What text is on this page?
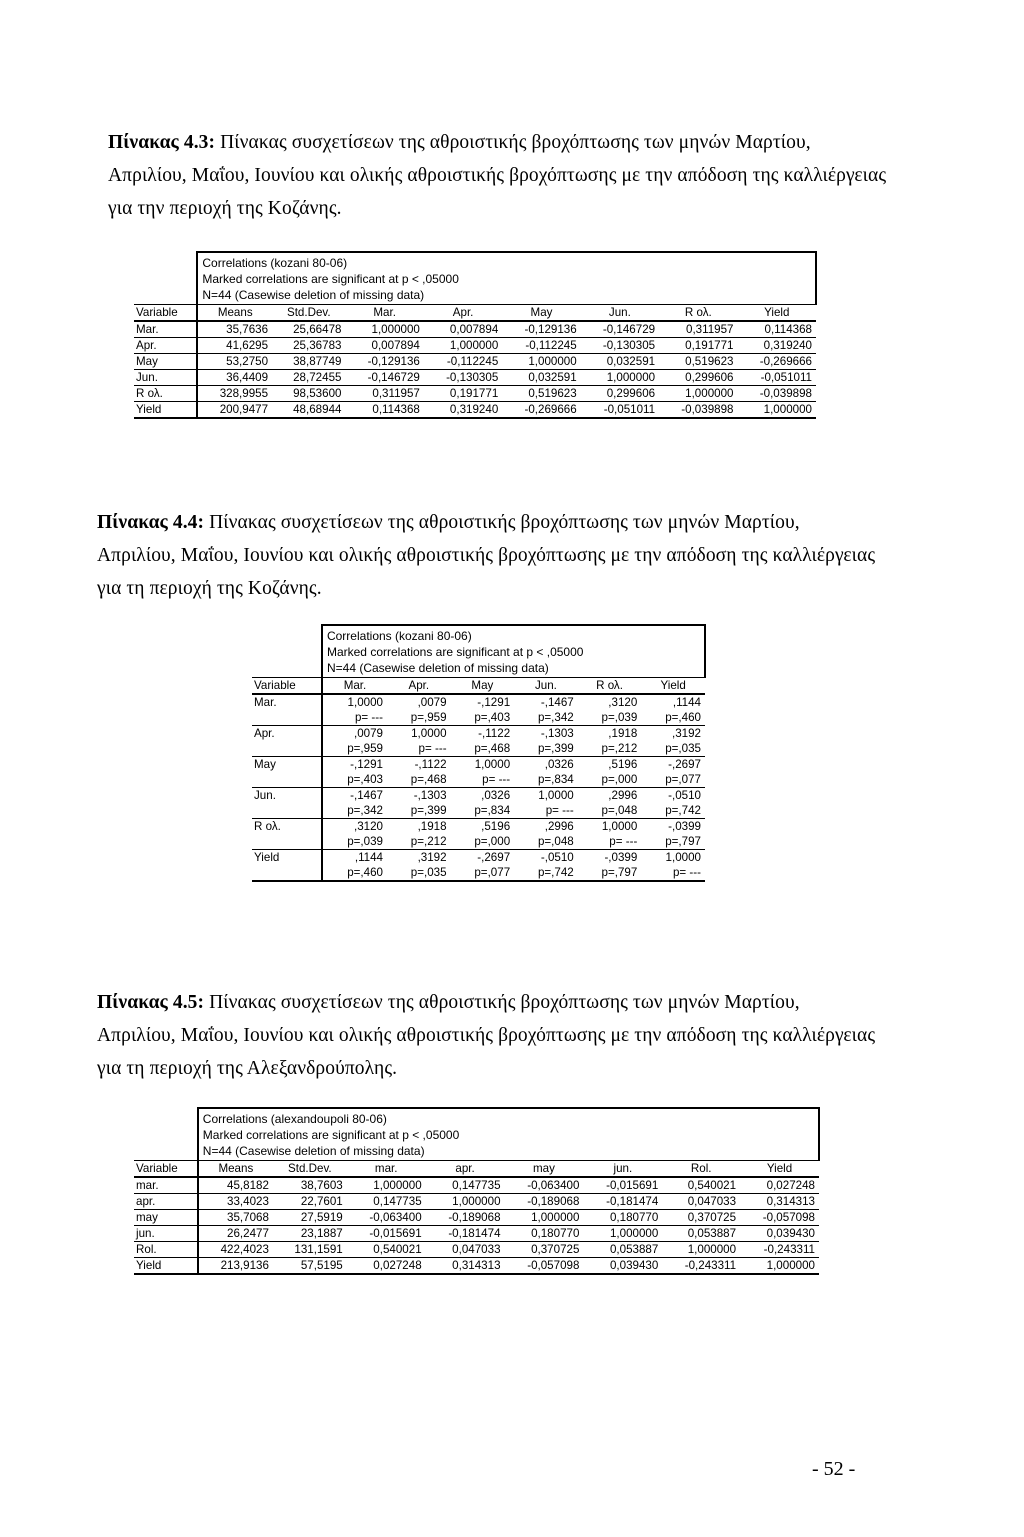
Πίνακας 4.3: Πίνακας συσχετίσεων της αθροιστικής βροχόπτωσης των μηνών Μαρτίου, Απριλίου, Μαΐου, Ιουνίου και ολικής αθροιστικής βροχόπτωσης με την απόδοση της καλλιέργειας για την περιοχή της Κοζάνης.

	Correlations (kozani 80-06)
Marked correlations are significant at p < ,05000
N=44 (Casewise deletion of missing data)							

Variable	Means	Std.Dev.	Mar.	Apr.	May	Jun.	R ολ.	Yield
Mar.	35,7636	25,66478	1,000000	0,007894	-0,129136	-0,146729	0,311957	0,114368
Apr.	41,6295	25,36783	0,007894	1,000000	-0,112245	-0,130305	0,191771	0,319240
May	53,2750	38,87749	-0,129136	-0,112245	1,000000	0,032591	0,519623	-0,269666
Jun.	36,4409	28,72455	-0,146729	-0,130305	0,032591	1,000000	0,299606	-0,051011
R ολ.	328,9955	98,53600	0,311957	0,191771	0,519623	0,299606	1,000000	-0,039898
Yield	200,9477	48,68944	0,114368	0,319240	-0,269666	-0,051011	-0,039898	1,000000
Πίνακας 4.4: Πίνακας συσχετίσεων της αθροιστικής βροχόπτωσης των μηνών Μαρτίου, Απριλίου, Μαΐου, Ιουνίου και ολικής αθροιστικής βροχόπτωσης με την απόδοση της καλλιέργειας για τη περιοχή της Κοζάνης.

	Correlations (kozani 80-06)
Marked correlations are significant at p < ,05000
N=44 (Casewise deletion of missing data)					

Variable	Mar.	Apr.	May	Jun.	R ολ.	Yield
Mar.	1,0000	,0079	-,1291	-,1467	,3120	,1144
	p= ---	p=,959	p=,403	p=,342	p=,039	p=,460
Apr.	,0079	1,0000	-,1122	-,1303	,1918	,3192
	p=,959	p= ---	p=,468	p=,399	p=,212	p=,035
May	-,1291	-,1122	1,0000	,0326	,5196	-,2697
	p=,403	p=,468	p= ---	p=,834	p=,000	p=,077
Jun.	-,1467	-,1303	,0326	1,0000	,2996	-,0510
	p=,342	p=,399	p=,834	p= ---	p=,048	p=,742
R ολ.	,3120	,1918	,5196	,2996	1,0000	-,0399
	p=,039	p=,212	p=,000	p=,048	p= ---	p=,797
Yield	,1144	,3192	-,2697	-,0510	-,0399	1,0000
	p=,460	p=,035	p=,077	p=,742	p=,797	p= ---
Πίνακας 4.5: Πίνακας συσχετίσεων της αθροιστικής βροχόπτωσης των μηνών Μαρτίου, Απριλίου, Μαΐου, Ιουνίου και ολικής αθροιστικής βροχόπτωσης με την απόδοση της καλλιέργειας για τη περιοχή της Αλεξανδρούπολης.

	Correlations (alexandoupoli 80-06)
Marked correlations are significant at p < ,05000
N=44 (Casewise deletion of missing data)							

Variable	Means	Std.Dev.	mar.	apr.	may	jun.	Rol.	Yield
mar.	45,8182	38,7603	1,000000	0,147735	-0,063400	-0,015691	0,540021	0,027248
apr.	33,4023	22,7601	0,147735	1,000000	-0,189068	-0,181474	0,047033	0,314313
may	35,7068	27,5919	-0,063400	-0,189068	1,000000	0,180770	0,370725	-0,057098
jun.	26,2477	23,1887	-0,015691	-0,181474	0,180770	1,000000	0,053887	0,039430
Rol.	422,4023	131,1591	0,540021	0,047033	0,370725	0,053887	1,000000	-0,243311
Yield	213,9136	57,5195	0,027248	0,314313	-0,057098	0,039430	-0,243311	1,000000
- 52 -
